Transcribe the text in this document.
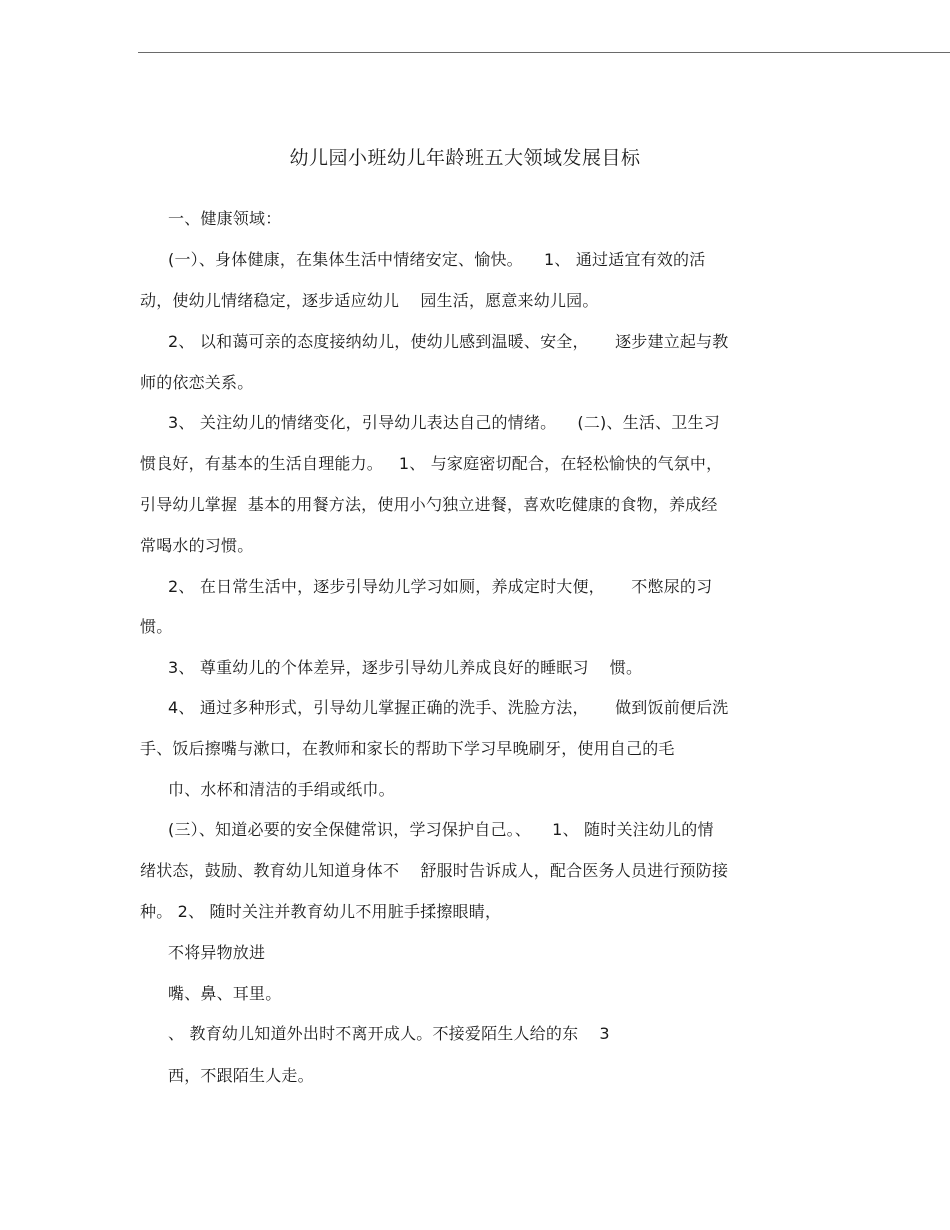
幼儿园小班幼儿年龄班五大领域发展目标
一、健康领域：
(一）、身体健康，在集体生活中情绪安定、愉快。    1、 通过适宜有效的活
动，使幼儿情绪稳定，逐步适应幼儿    园生活，愿意来幼儿园。
2、 以和蔼可亲的态度接纳幼儿，使幼儿感到温暖、安全，     逐步建立起与教
师的依恋关系。
3、 关注幼儿的情绪变化，引导幼儿表达自己的情绪。    (二)、生活、卫生习
惯良好，有基本的生活自理能力。   1、 与家庭密切配合，在轻松愉快的气氛中，
引导幼儿掌握  基本的用餐方法，使用小勺独立进餐，喜欢吃健康的食物，养成经
常喝水的习惯。
2、 在日常生活中，逐步引导幼儿学习如厕，养成定时大便，     不憋尿的习
惯。
3、 尊重幼儿的个体差异，逐步引导幼儿养成良好的睡眠习    惯。
4、 通过多种形式，引导幼儿掌握正确的洗手、洗脸方法，     做到饭前便后洗
手、饭后擦嘴与漱口，在教师和家长的帮助下学习早晚刷牙，使用自己的毛
巾、水杯和清洁的手绢或纸巾。
(三）、知道必要的安全保健常识，学习保护自己。、    1、 随时关注幼儿的情
绪状态，鼓励、教育幼儿知道身体不    舒服时告诉成人，配合医务人员进行预防接
种。 2、 随时关注并教育幼儿不用脏手揉擦眼睛，
不将异物放进
嘴、鼻、耳里。
、 教育幼儿知道外出时不离开成人。不接爱陌生人给的东    3
西，不跟陌生人走。
